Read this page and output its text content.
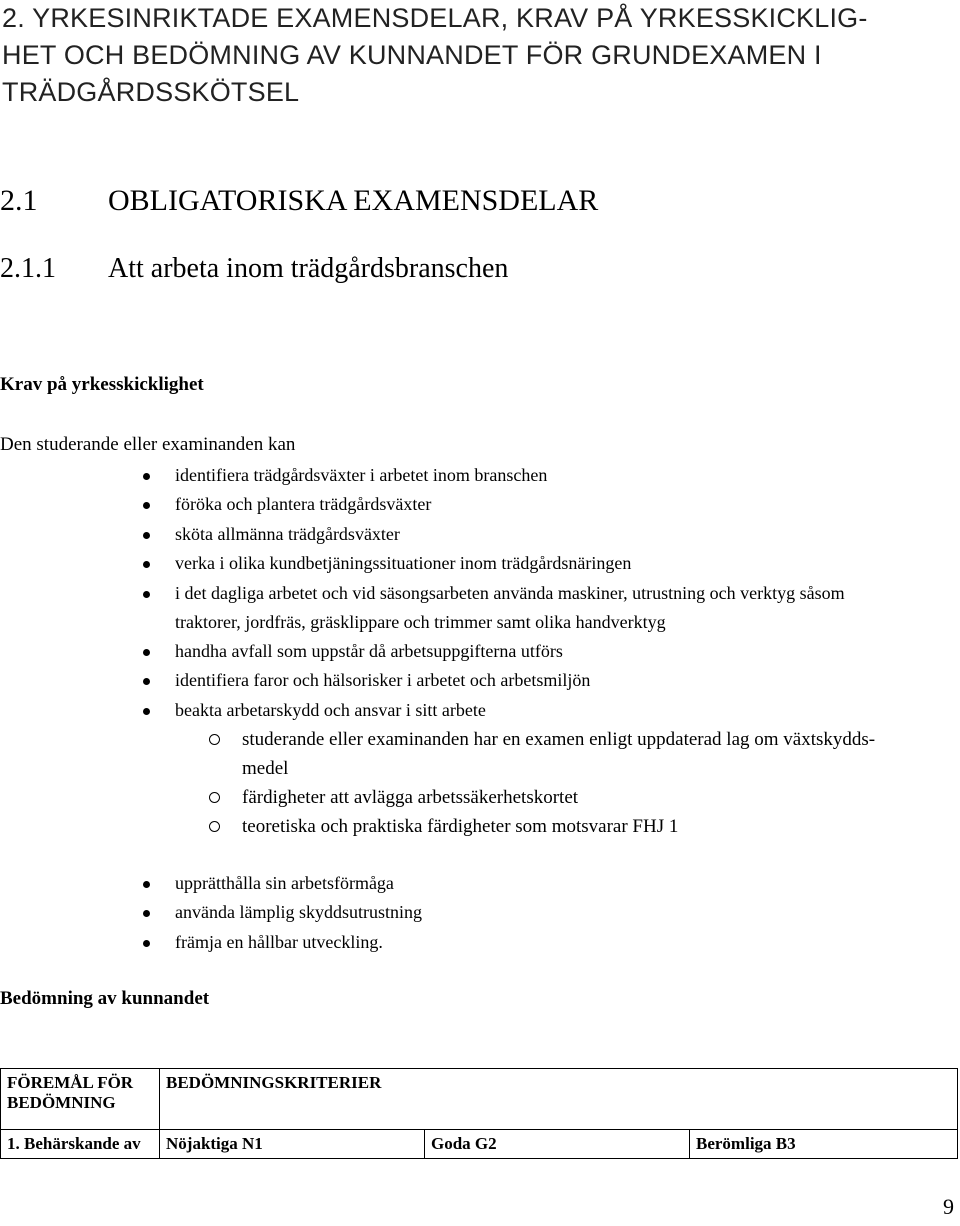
2. YRKESINRIKTADE EXAMENSDELAR, KRAV PÅ YRKESSKICKLIG-
HET OCH BEDÖMNING AV KUNNANDET FÖR GRUNDEXAMEN I
TRÄDGÅRDSSKÖTSEL
2.1 OBLIGATORISKA EXAMENSDELAR
2.1.1 Att arbeta inom trädgårdsbranschen
Krav på yrkesskicklighet
Den studerande eller examinanden kan
identifiera trädgårdsväxter i arbetet inom branschen
föröka och plantera trädgårdsväxter
sköta allmänna trädgårdsväxter
verka i olika kundbetjäningssituationer inom trädgårdsnäringen
i det dagliga arbetet och vid säsongsarbeten använda maskiner, utrustning och verktyg såsom
traktorer, jordfräs, gräsklippare och trimmer samt olika handverktyg
handha avfall som uppstår då arbetsuppgifterna utförs
identifiera faror och hälsorisker i arbetet och arbetsmiljön
beakta arbetarskydd och ansvar i sitt arbete
studerande eller examinanden har en examen enligt uppdaterad lag om växtskydds-
medel
färdigheter att avlägga arbetssäkerhetskortet
teoretiska och praktiska färdigheter som motsvarar FHJ 1
upprätthålla sin arbetsförmåga
använda lämplig skyddsutrustning
främja en hållbar utveckling.
Bedömning av kunnandet
FÖREMÅL FÖR
BEDÖMNING	BEDÖMNINGSKRITERIER		
1. Behärskande av	Nöjaktiga N1	Goda G2	Berömliga B3
9
